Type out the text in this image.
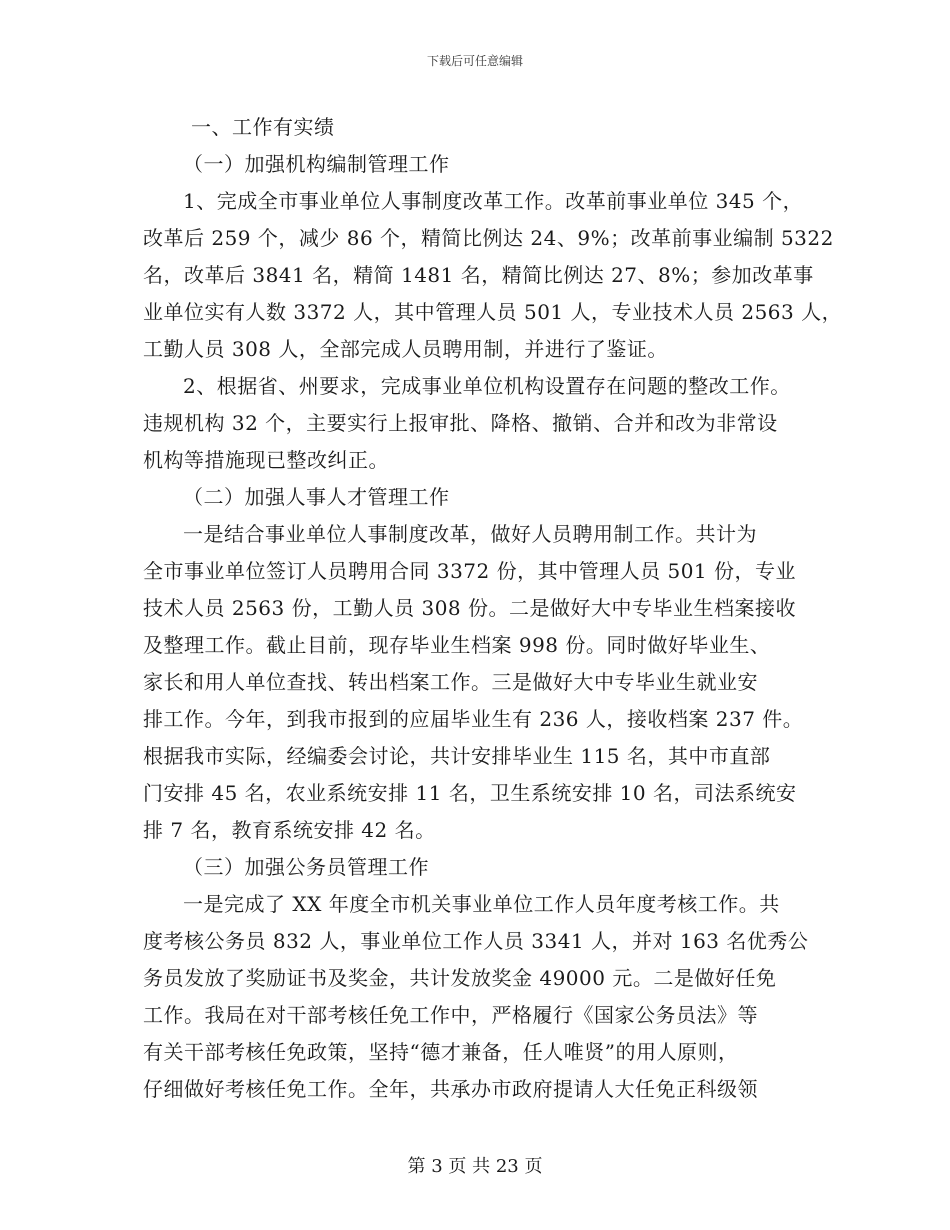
下载后可任意编辑
一、工作有实绩
（一）加强机构编制管理工作
1、完成全市事业单位人事制度改革工作。改革前事业单位 345 个，
改革后 259 个，减少 86 个，精简比例达 24、9%；改革前事业编制 5322
名，改革后 3841 名，精简 1481 名，精简比例达 27、8%；参加改革事
业单位实有人数 3372 人，其中管理人员 501 人，专业技术人员 2563 人，
工勤人员 308 人，全部完成人员聘用制，并进行了鉴证。
2、根据省、州要求，完成事业单位机构设置存在问题的整改工作。
违规机构 32 个，主要实行上报审批、降格、撤销、合并和改为非常设
机构等措施现已整改纠正。
（二）加强人事人才管理工作
一是结合事业单位人事制度改革，做好人员聘用制工作。共计为
全市事业单位签订人员聘用合同 3372 份，其中管理人员 501 份，专业
技术人员 2563 份，工勤人员 308 份。二是做好大中专毕业生档案接收
及整理工作。截止目前，现存毕业生档案 998 份。同时做好毕业生、
家长和用人单位查找、转出档案工作。三是做好大中专毕业生就业安
排工作。今年，到我市报到的应届毕业生有 236 人，接收档案 237 件。
根据我市实际，经编委会讨论，共计安排毕业生 115 名，其中市直部
门安排 45 名，农业系统安排 11 名，卫生系统安排 10 名，司法系统安
排 7 名，教育系统安排 42 名。
（三）加强公务员管理工作
一是完成了 XX 年度全市机关事业单位工作人员年度考核工作。共
度考核公务员 832 人，事业单位工作人员 3341 人，并对 163 名优秀公
务员发放了奖励证书及奖金，共计发放奖金 49000 元。二是做好任免
工作。我局在对干部考核任免工作中，严格履行《国家公务员法》等
有关干部考核任免政策，坚持“德才兼备，任人唯贤”的用人原则，
仔细做好考核任免工作。全年，共承办市政府提请人大任免正科级领
第 3 页 共 23 页
